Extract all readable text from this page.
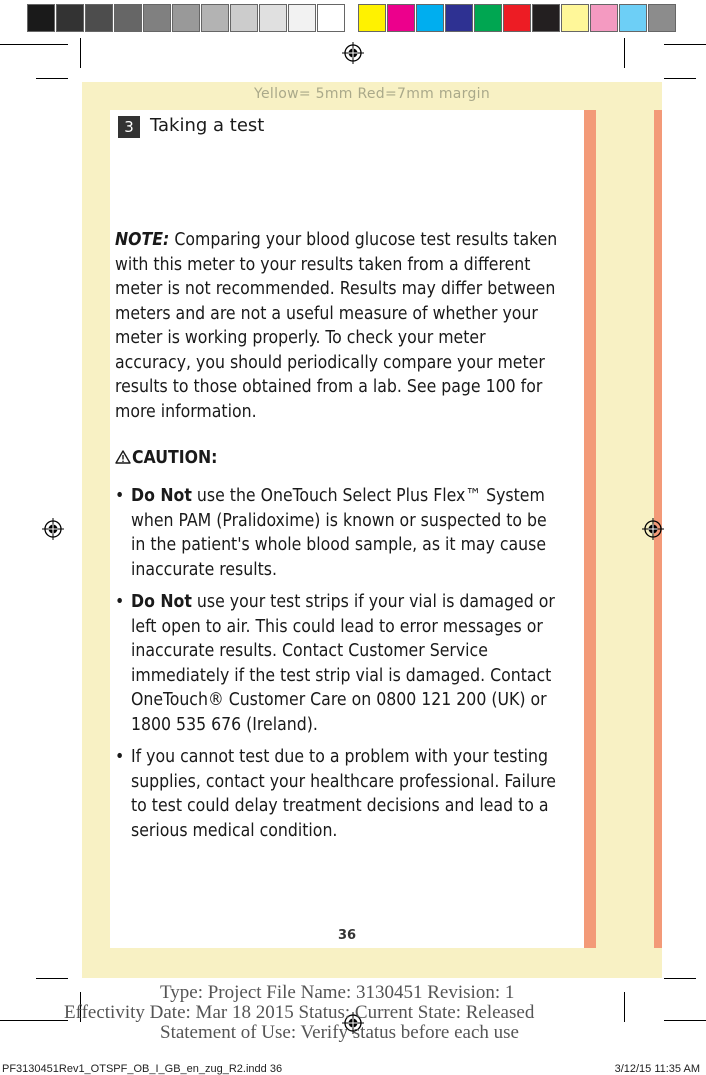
Yellow= 5mm Red=7mm margin
3 Taking a test
NOTE: Comparing your blood glucose test results taken with this meter to your results taken from a different meter is not recommended. Results may differ between meters and are not a useful measure of whether your meter is working properly. To check your meter accuracy, you should periodically compare your meter results to those obtained from a lab. See page 100 for more information.
CAUTION:
• Do Not use the OneTouch Select Plus Flex™ System when PAM (Pralidoxime) is known or suspected to be in the patient's whole blood sample, as it may cause inaccurate results.
• Do Not use your test strips if your vial is damaged or left open to air. This could lead to error messages or inaccurate results. Contact Customer Service immediately if the test strip vial is damaged. Contact OneTouch® Customer Care on 0800 121 200 (UK) or 1800 535 676 (Ireland).
• If you cannot test due to a problem with your testing supplies, contact your healthcare professional. Failure to test could delay treatment decisions and lead to a serious medical condition.
36
Type: Project File Name: 3130451 Revision: 1
Effectivity Date: Mar 18 2015 Status: Current State: Released
Statement of Use: Verify status before each use
PF3130451Rev1_OTSPF_OB_I_GB_en_zug_R2.indd 36	3/12/15 11:35 AM
